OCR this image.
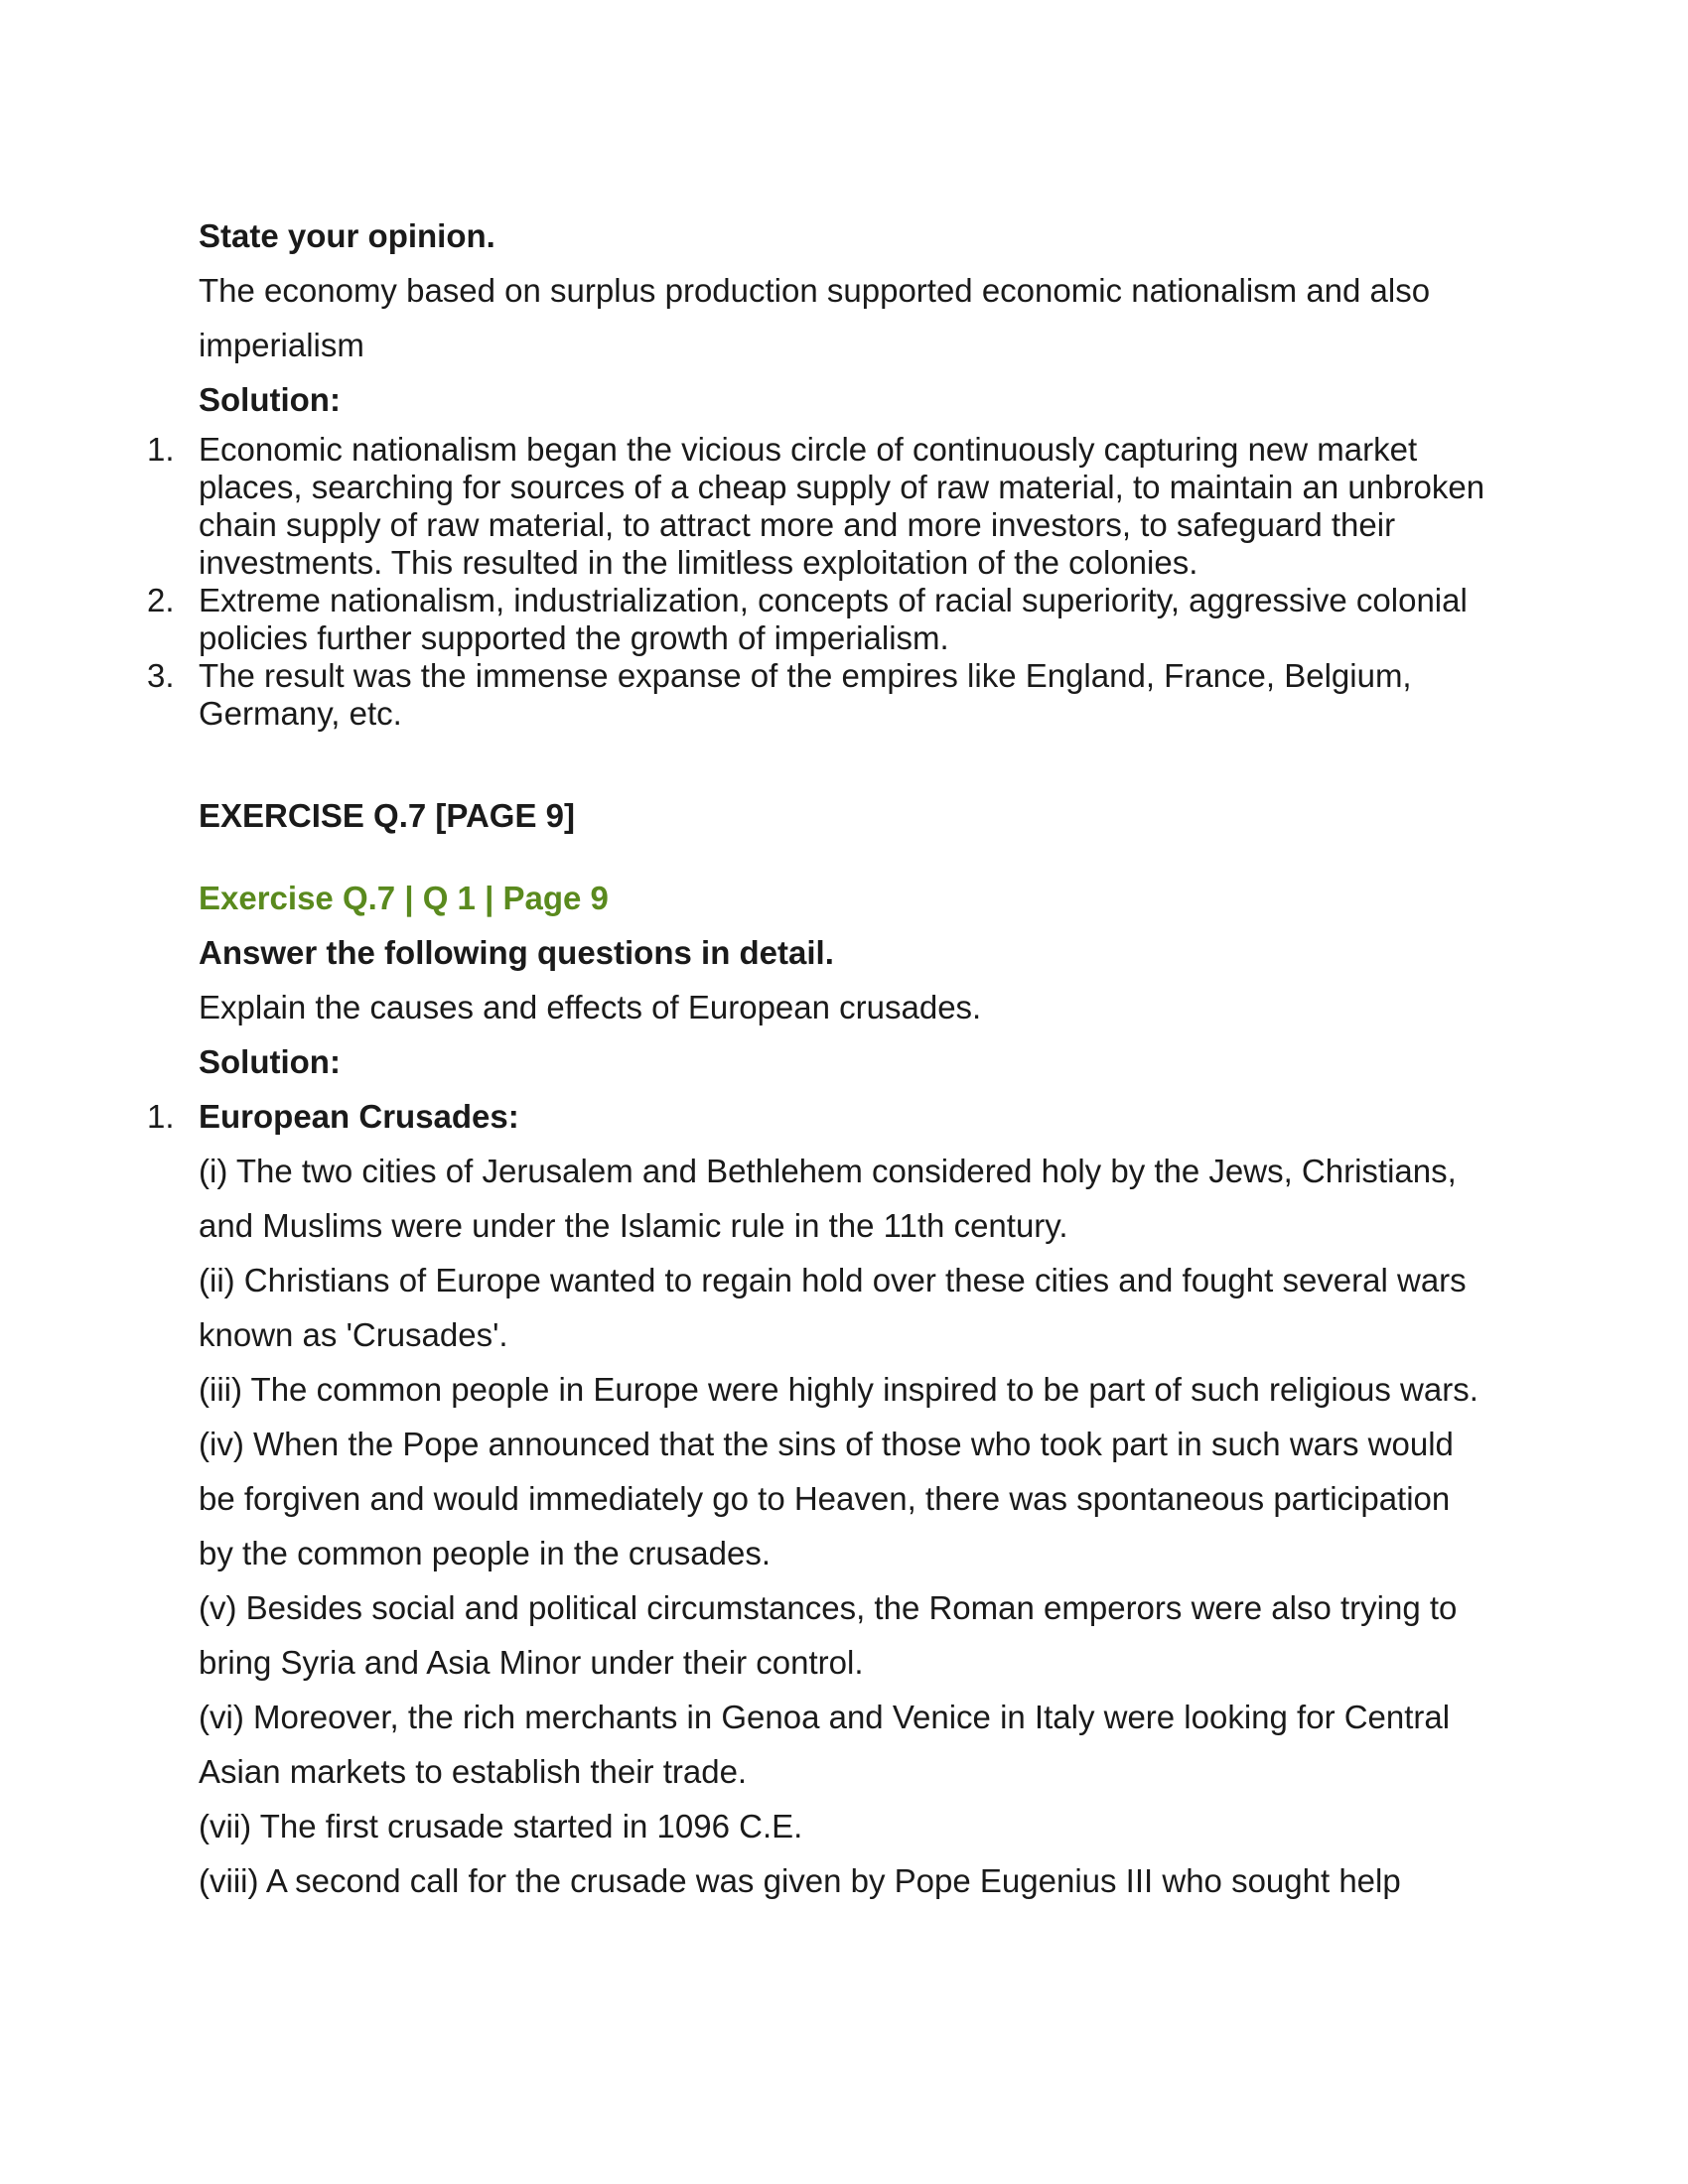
State your opinion.

The economy based on surplus production supported economic nationalism and also imperialism

Solution:

1. Economic nationalism began the vicious circle of continuously capturing new market places, searching for sources of a cheap supply of raw material, to maintain an unbroken chain supply of raw material, to attract more and more investors, to safeguard their investments. This resulted in the limitless exploitation of the colonies.
2. Extreme nationalism, industrialization, concepts of racial superiority, aggressive colonial policies further supported the growth of imperialism.
3. The result was the immense expanse of the empires like England, France, Belgium, Germany, etc.

EXERCISE Q.7 [PAGE 9]

Exercise Q.7 | Q 1 | Page 9

Answer the following questions in detail.

Explain the causes and effects of European crusades.

Solution:

1. European Crusades:

(i) The two cities of Jerusalem and Bethlehem considered holy by the Jews, Christians, and Muslims were under the Islamic rule in the 11th century.

(ii) Christians of Europe wanted to regain hold over these cities and fought several wars known as 'Crusades'.

(iii) The common people in Europe were highly inspired to be part of such religious wars.

(iv) When the Pope announced that the sins of those who took part in such wars would be forgiven and would immediately go to Heaven, there was spontaneous participation by the common people in the crusades.

(v) Besides social and political circumstances, the Roman emperors were also trying to bring Syria and Asia Minor under their control.

(vi) Moreover, the rich merchants in Genoa and Venice in Italy were looking for Central Asian markets to establish their trade.

(vii) The first crusade started in 1096 C.E.

(viii) A second call for the crusade was given by Pope Eugenius III who sought help
